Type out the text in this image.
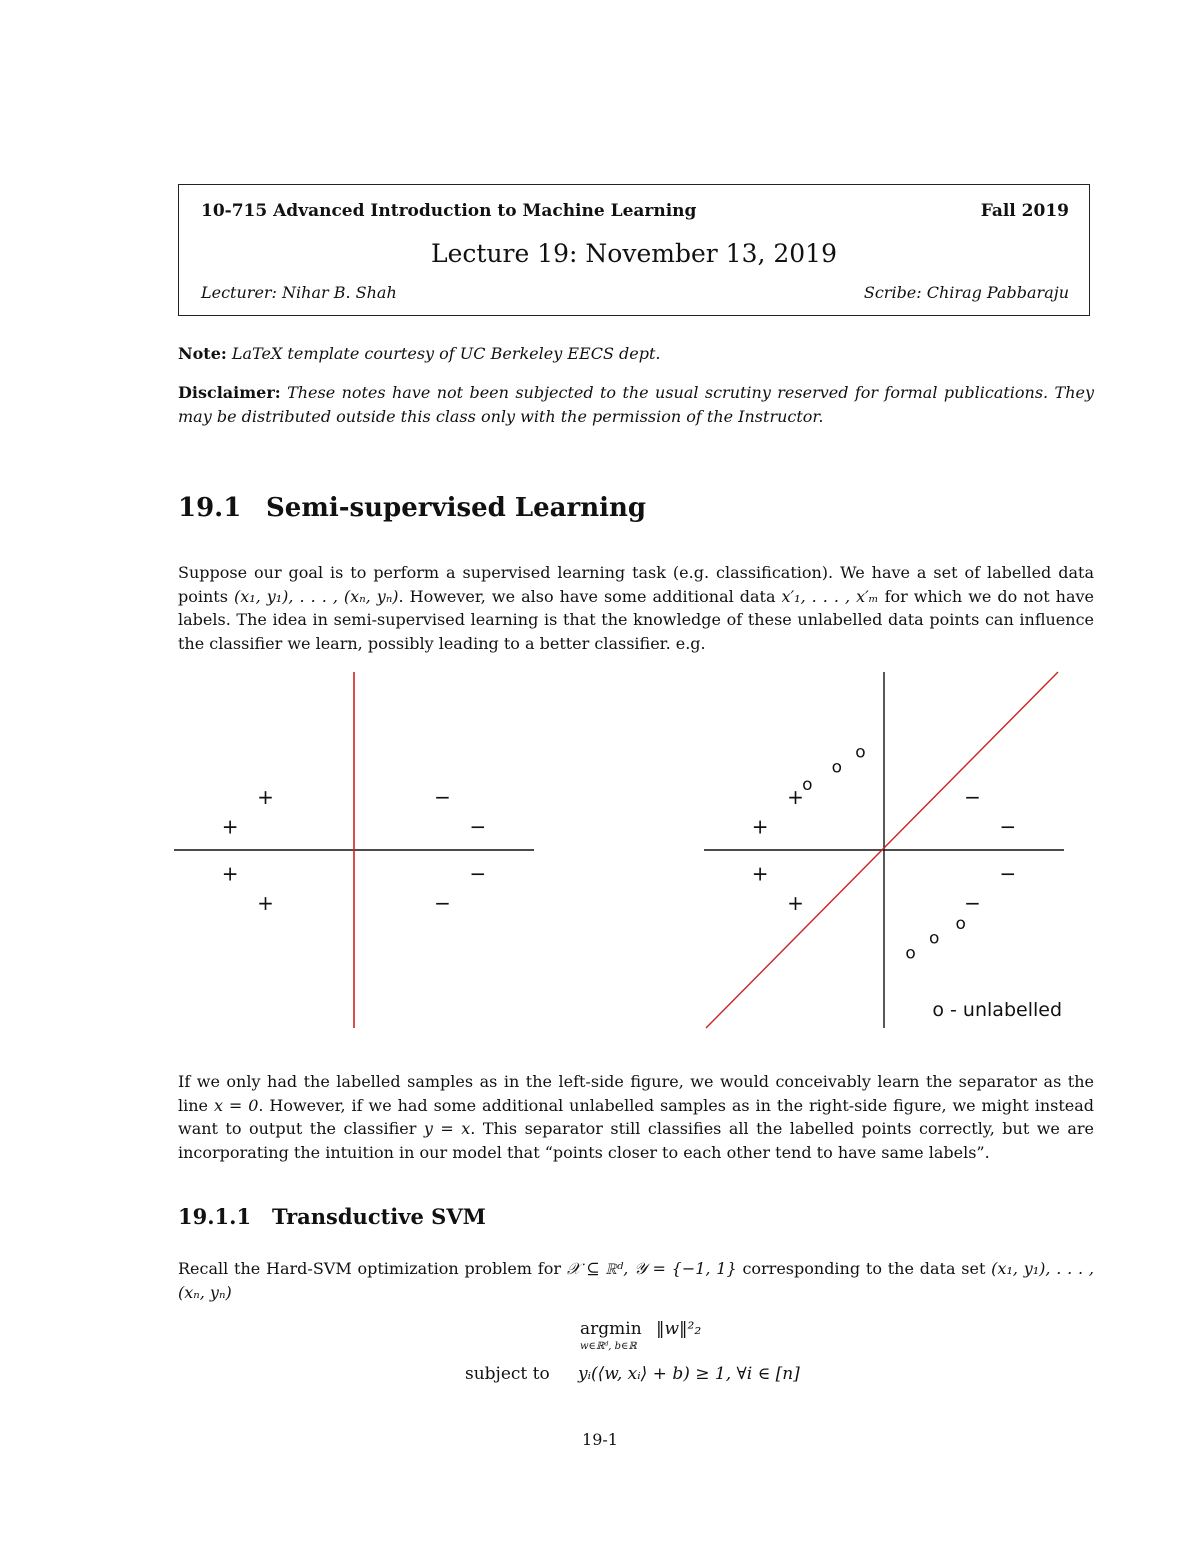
10-715 Advanced Introduction to Machine Learning	Fall 2019
Lecture 19: November 13, 2019
Lecturer: Nihar B. Shah	Scribe: Chirag Pabbaraju
Note: LaTeX template courtesy of UC Berkeley EECS dept.
Disclaimer: These notes have not been subjected to the usual scrutiny reserved for formal publications. They may be distributed outside this class only with the permission of the Instructor.
19.1 Semi-supervised Learning
Suppose our goal is to perform a supervised learning task (e.g. classification). We have a set of labelled data points (x₁, y₁), . . . , (xₙ, yₙ). However, we also have some additional data x′₁, . . . , x′ₘ for which we do not have labels. The idea in semi-supervised learning is that the knowledge of these unlabelled data points can influence the classifier we learn, possibly leading to a better classifier. e.g.
+
+
+
+
−
−
−
−
+
+
+
+
−
−
−
−
o
o
o
o
o
o
o - unlabelled
If we only had the labelled samples as in the left-side figure, we would conceivably learn the separator as the line x = 0. However, if we had some additional unlabelled samples as in the right-side figure, we might instead want to output the classifier y = x. This separator still classifies all the labelled points correctly, but we are incorporating the intuition in our model that “points closer to each other tend to have same labels”.
19.1.1 Transductive SVM
Recall the Hard-SVM optimization problem for 𝒳 ⊆ ℝᵈ, 𝒴 = {−1, 1} corresponding to the data set (x₁, y₁), . . . , (xₙ, yₙ)
argmin
w∈ℝᵈ, b∈ℝ
‖w‖²₂
subject to yᵢ(⟨w, xᵢ⟩ + b) ≥ 1, ∀i ∈ [n]
19-1
